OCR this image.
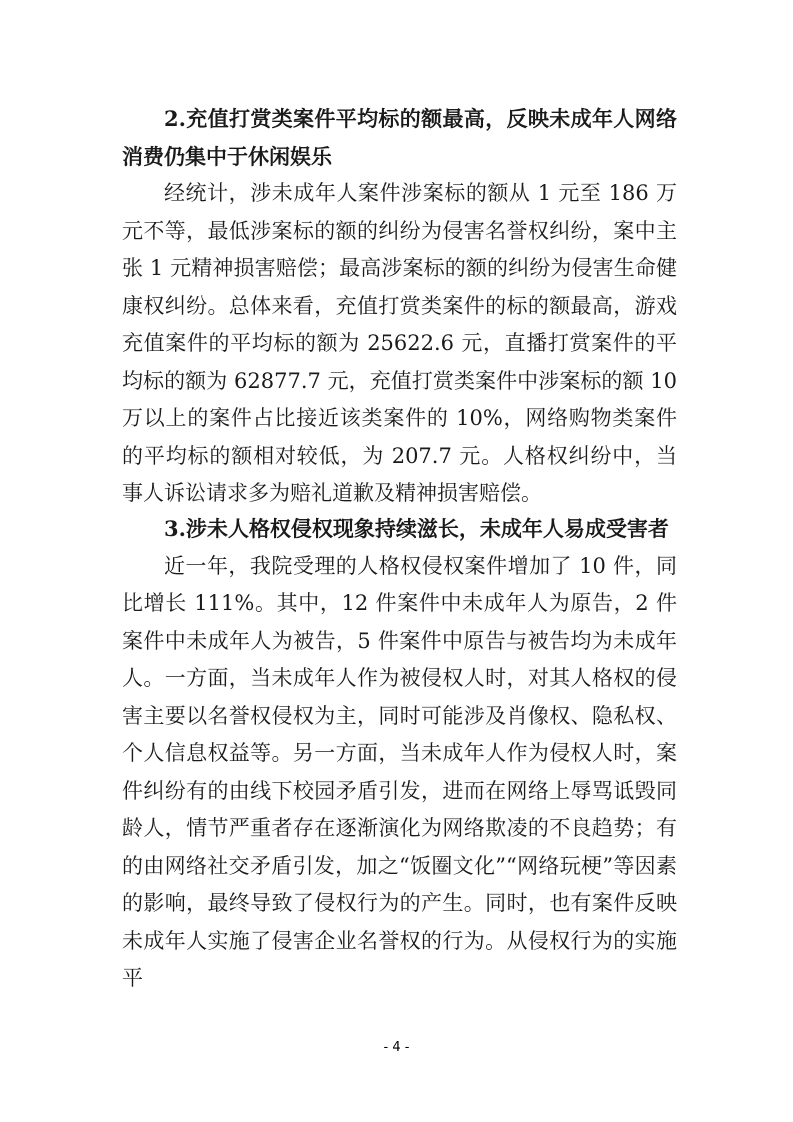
2.充值打赏类案件平均标的额最高，反映未成年人网络消费仍集中于休闲娱乐

经统计，涉未成年人案件涉案标的额从 1 元至 186 万元不等，最低涉案标的额的纠纷为侵害名誉权纠纷，案中主张 1 元精神损害赔偿；最高涉案标的额的纠纷为侵害生命健康权纠纷。总体来看，充值打赏类案件的标的额最高，游戏充值案件的平均标的额为 25622.6 元，直播打赏案件的平均标的额为 62877.7 元，充值打赏类案件中涉案标的额 10 万以上的案件占比接近该类案件的 10%，网络购物类案件的平均标的额相对较低，为 207.7 元。人格权纠纷中，当事人诉讼请求多为赔礼道歉及精神损害赔偿。

3.涉未人格权侵权现象持续滋长，未成年人易成受害者

近一年，我院受理的人格权侵权案件增加了 10 件，同比增长 111%。其中，12 件案件中未成年人为原告，2 件案件中未成年人为被告，5 件案件中原告与被告均为未成年人。一方面，当未成年人作为被侵权人时，对其人格权的侵害主要以名誉权侵权为主，同时可能涉及肖像权、隐私权、个人信息权益等。另一方面，当未成年人作为侵权人时，案件纠纷有的由线下校园矛盾引发，进而在网络上辱骂诋毁同龄人，情节严重者存在逐渐演化为网络欺凌的不良趋势；有的由网络社交矛盾引发，加之“饭圈文化”“网络玩梗”等因素的影响，最终导致了侵权行为的产生。同时，也有案件反映未成年人实施了侵害企业名誉权的行为。从侵权行为的实施平

- 4 -
